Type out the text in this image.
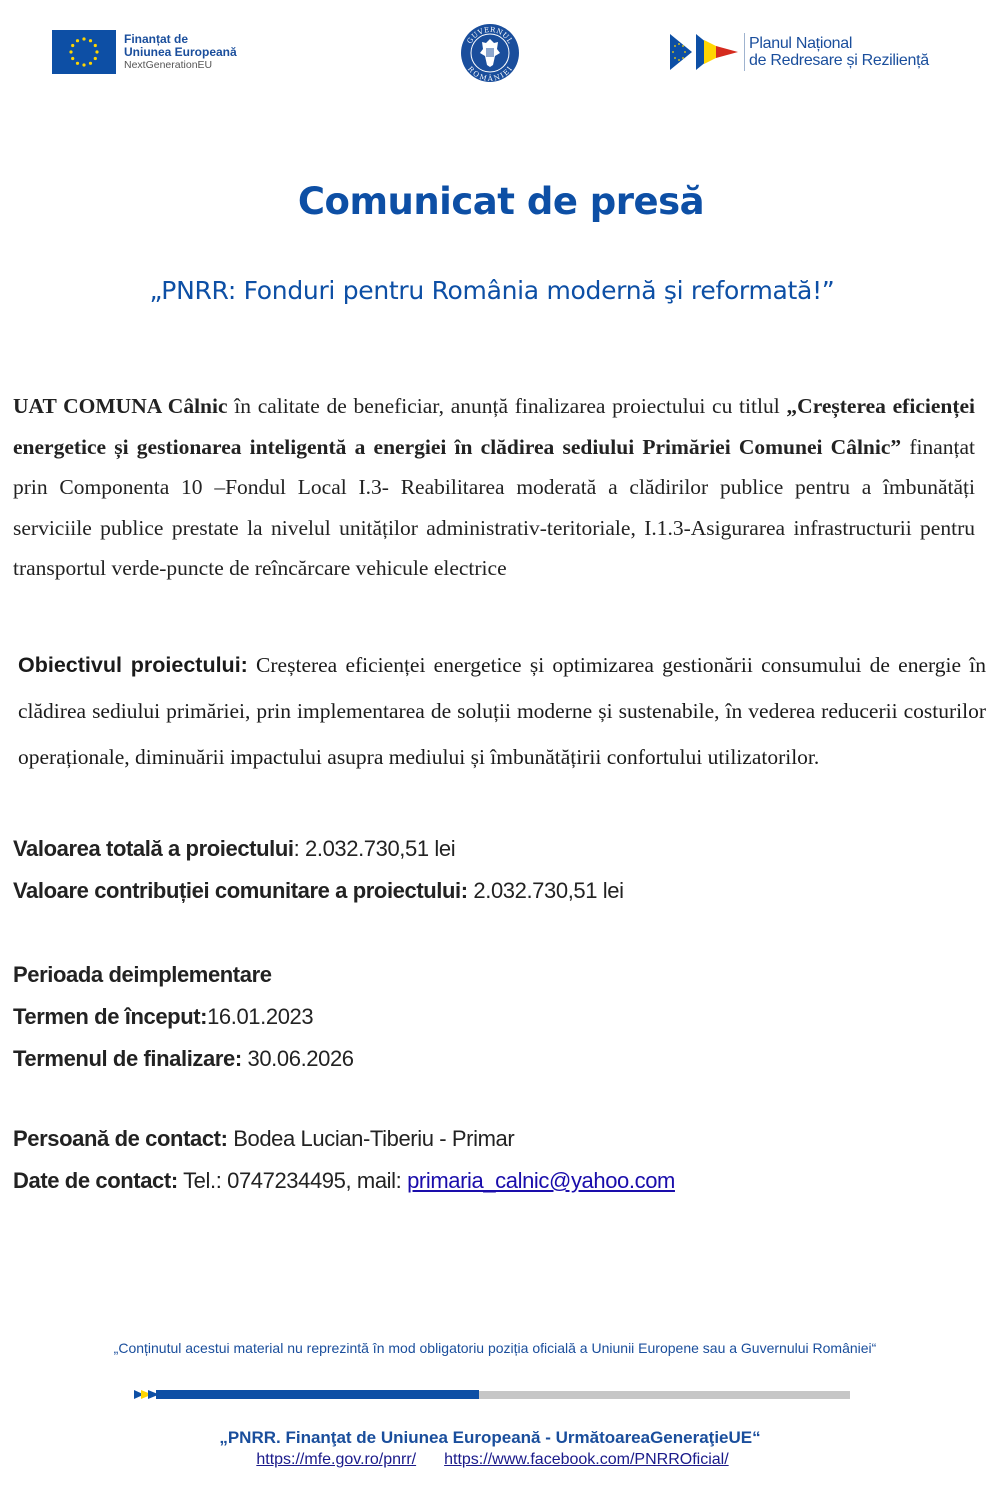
Finanțat de
Uniunea Europeană
NextGenerationEU
GUVERNUL
ROMÂNIEI
Planul Național
de Redresare și Reziliență
Comunicat de presă
„PNRR: Fonduri pentru România modernă şi reformată!”

UAT COMUNA Câlnic în calitate de beneficiar, anunță finalizarea proiectului cu titlul „Creșterea eficienței energetice și gestionarea inteligentă a energiei în clădirea sediului Primăriei Comunei Câlnic” finanțat prin Componenta 10 –Fondul Local I.3- Reabilitarea moderată a clădirilor publice pentru a îmbunătăți serviciile publice prestate la nivelul unităților administrativ-teritoriale, I.1.3-Asigurarea infrastructurii pentru transportul verde-puncte de reîncărcare vehicule electrice

Obiectivul proiectului: Creșterea eficienței energetice și optimizarea gestionării consumului de energie în clădirea sediului primăriei, prin implementarea de soluții moderne și sustenabile, în vederea reducerii costurilor operaționale, diminuării impactului asupra mediului și îmbunătățirii confortului utilizatorilor.

Valoarea totală a proiectului: 2.032.730,51 lei
Valoare contribuției comunitare a proiectului: 2.032.730,51 lei
Perioada deimplementare
Termen de început:16.01.2023
Termenul de finalizare: 30.06.2026
Persoană de contact: Bodea Lucian-Tiberiu - Primar
Date de contact: Tel.: 0747234495, mail: primaria_calnic@yahoo.com
„Conținutul acestui material nu reprezintă în mod obligatoriu poziția oficială a Uniunii Europene sau a Guvernului României“
„PNRR. Finanţat de Uniunea Europeană - UrmătoareaGeneraţieUE“
https://mfe.gov.ro/pnrr/ https://www.facebook.com/PNRROficial/
